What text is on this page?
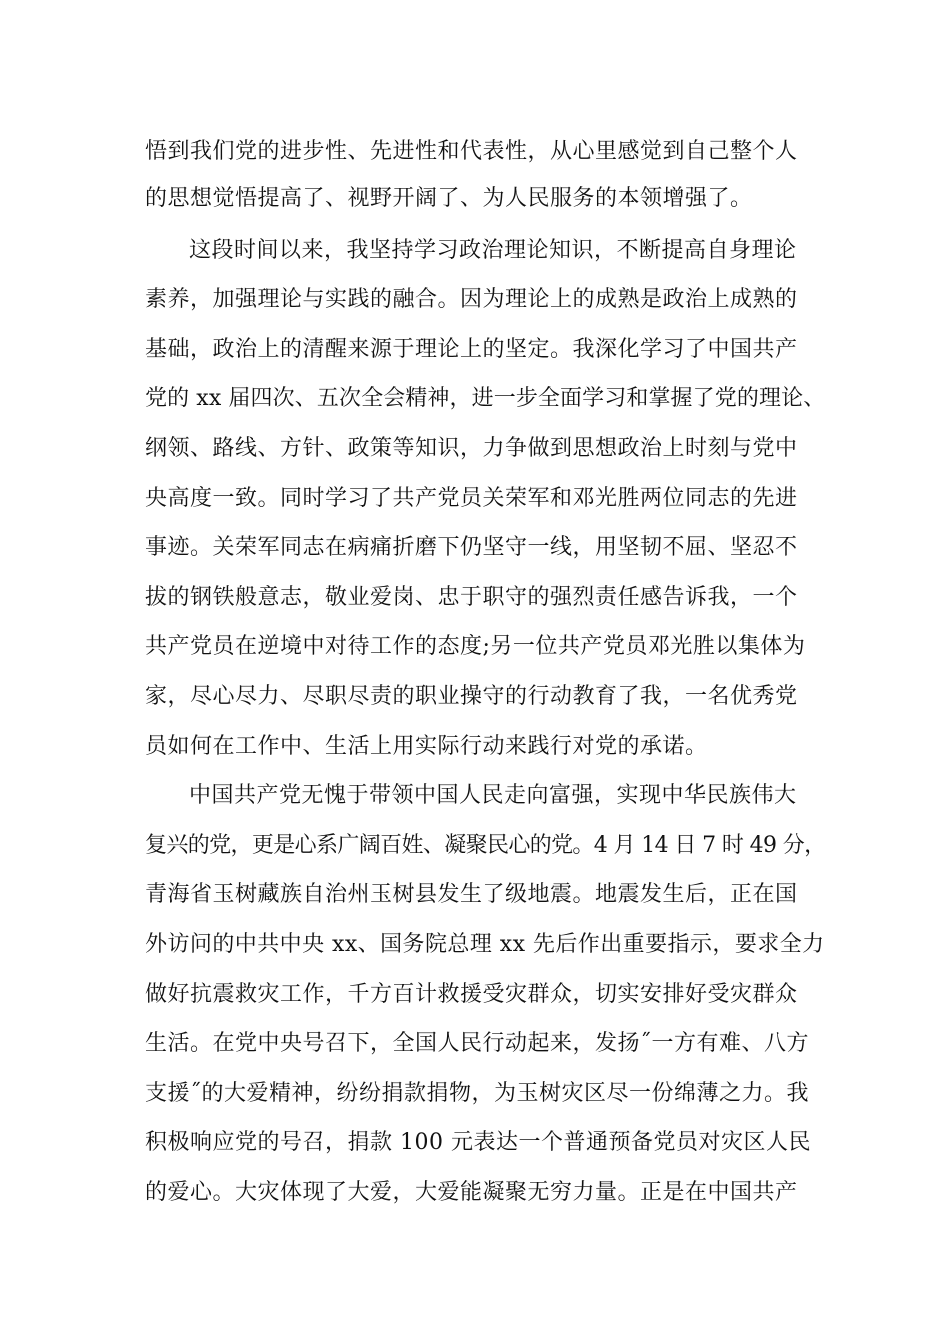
悟到我们党的进步性、先进性和代表性，从心里感觉到自己整个人
的思想觉悟提高了、视野开阔了、为人民服务的本领增强了。
这段时间以来，我坚持学习政治理论知识，不断提高自身理论
素养，加强理论与实践的融合。因为理论上的成熟是政治上成熟的
基础，政治上的清醒来源于理论上的坚定。我深化学习了中国共产
党的 xx 届四次、五次全会精神，进一步全面学习和掌握了党的理论、
纲领、路线、方针、政策等知识，力争做到思想政治上时刻与党中
央高度一致。同时学习了共产党员关荣军和邓光胜两位同志的先进
事迹。关荣军同志在病痛折磨下仍坚守一线，用坚韧不屈、坚忍不
拔的钢铁般意志，敬业爱岗、忠于职守的强烈责任感告诉我，一个
共产党员在逆境中对待工作的态度;另一位共产党员邓光胜以集体为
家，尽心尽力、尽职尽责的职业操守的行动教育了我，一名优秀党
员如何在工作中、生活上用实际行动来践行对党的承诺。
中国共产党无愧于带领中国人民走向富强，实现中华民族伟大
复兴的党，更是心系广阔百姓、凝聚民心的党。4 月 14 日 7 时 49 分，
青海省玉树藏族自治州玉树县发生了级地震。地震发生后，正在国
外访问的中共中央 xx、国务院总理 xx 先后作出重要指示，要求全力
做好抗震救灾工作，千方百计救援受灾群众，切实安排好受灾群众
生活。在党中央号召下，全国人民行动起来，发扬˝一方有难、八方
支援˝的大爱精神，纷纷捐款捐物，为玉树灾区尽一份绵薄之力。我
积极响应党的号召，捐款 100 元表达一个普通预备党员对灾区人民
的爱心。大灾体现了大爱，大爱能凝聚无穷力量。正是在中国共产
